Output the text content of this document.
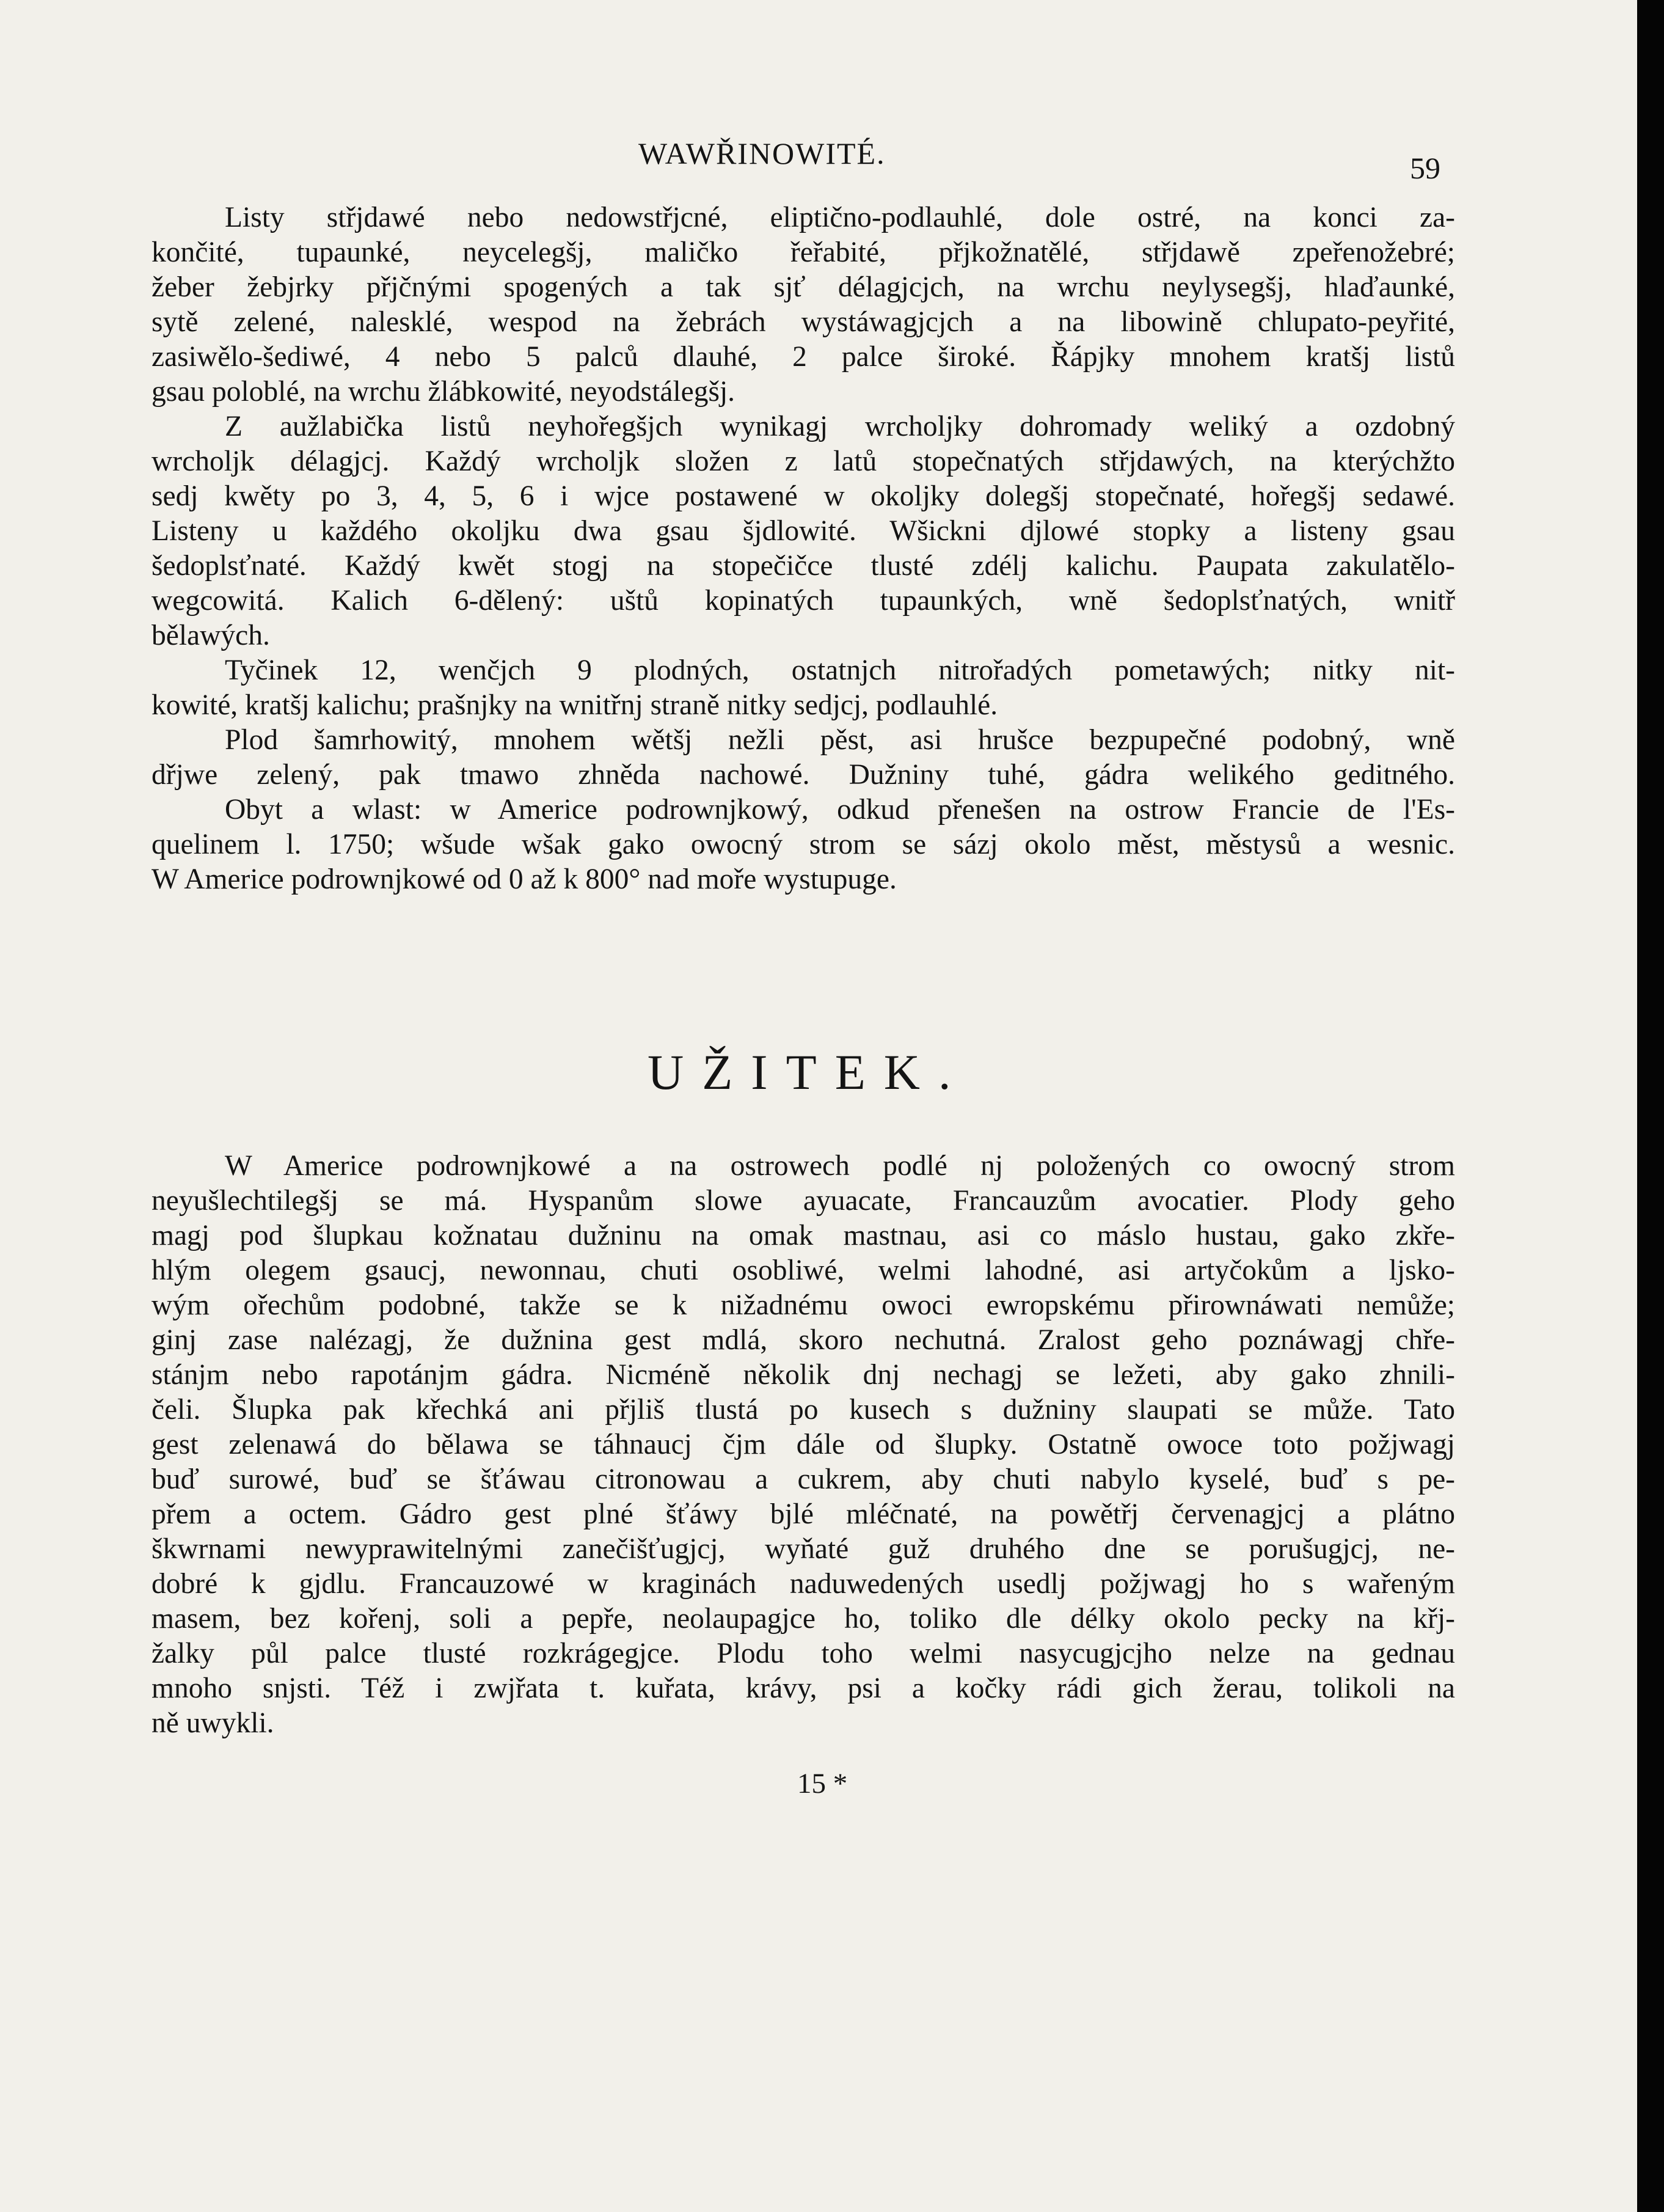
WAWŘINOWITÉ.	59
Listy střjdawé nebo nedowstřjcné, eliptično-podlauhlé, dole ostré, na konci za-
končité, tupaunké, neycelegšj, maličko řeřabité, přjkožnatělé, střjdawě zpeřenožebré;
žeber žebjrky přjčnými spogených a tak sjť délagjcjch, na wrchu neylysegšj, hlaďaunké,
sytě zelené, nalesklé, wespod na žebrách wystáwagjcjch a na libowině chlupato-peyřité,
zasiwělo-šediwé, 4 nebo 5 palců dlauhé, 2 palce široké. Řápjky mnohem kratšj listů
gsau poloblé, na wrchu žlábkowité, neyodstálegšj.
Z aužlabička listů neyhořegšjch wynikagj wrcholjky dohromady weliký a ozdobný
wrcholjk délagjcj. Každý wrcholjk složen z latů stopečnatých střjdawých, na kterýchžto
sedj kwěty po 3, 4, 5, 6 i wjce postawené w okoljky dolegšj stopečnaté, hořegšj sedawé.
Listeny u každého okoljku dwa gsau šjdlowité. Wšickni djlowé stopky a listeny gsau
šedoplsťnaté. Každý kwět stogj na stopečičce tlusté zdélj kalichu. Paupata zakulatělo-
wegcowitá. Kalich 6-dělený: uštů kopinatých tupaunkých, wně šedoplsťnatých, wnitř
bělawých.
Tyčinek 12, wenčjch 9 plodných, ostatnjch nitrořadých pometawých; nitky nit-
kowité, kratšj kalichu; prašnjky na wnitřnj straně nitky sedjcj, podlauhlé.
Plod šamrhowitý, mnohem wětšj nežli pěst, asi hrušce bezpupečné podobný, wně
dřjwe zelený, pak tmawo zhněda nachowé. Dužniny tuhé, gádra welikého geditného.
Obyt a wlast: w Americe podrownjkowý, odkud přenešen na ostrow Francie de l'Es-
quelinem l. 1750; wšude wšak gako owocný strom se sázj okolo měst, městysů a wesnic.
W Americe podrownjkowé od 0 až k 800° nad moře wystupuge.
UŽITEK.
W Americe podrownjkowé a na ostrowech podlé nj položených co owocný strom
neyušlechtilegšj se má. Hyspanům slowe ayuacate, Francauzům avocatier. Plody geho
magj pod šlupkau kožnatau dužninu na omak mastnau, asi co máslo hustau, gako zkře-
hlým olegem gsaucj, newonnau, chuti osobliwé, welmi lahodné, asi artyčokům a ljsko-
wým ořechům podobné, takže se k nižadnému owoci ewropskému přirownáwati nemůže;
ginj zase nalézagj, že dužnina gest mdlá, skoro nechutná. Zralost geho poznáwagj chře-
stánjm nebo rapotánjm gádra. Nicméně několik dnj nechagj se ležeti, aby gako zhnili-
čeli. Šlupka pak křechká ani přjliš tlustá po kusech s dužniny slaupati se může. Tato
gest zelenawá do bělawa se táhnaucj čjm dále od šlupky. Ostatně owoce toto požjwagj
buď surowé, buď se šťáwau citronowau a cukrem, aby chuti nabylo kyselé, buď s pe-
přem a octem. Gádro gest plné šťáwy bjlé mléčnaté, na powětřj červenagjcj a plátno
škwrnami newyprawitelnými zanečišťugjcj, wyňaté guž druhého dne se porušugjcj, ne-
dobré k gjdlu. Francauzowé w kraginách naduwedených usedlj požjwagj ho s wařeným
masem, bez kořenj, soli a pepře, neolaupagjce ho, toliko dle délky okolo pecky na křj-
žalky půl palce tlusté rozkrágegjce. Plodu toho welmi nasycugjcjho nelze na gednau
mnoho snjsti. Též i zwjřata t. kuřata, krávy, psi a kočky rádi gich žerau, tolikoli na
ně uwykli.
15 *
